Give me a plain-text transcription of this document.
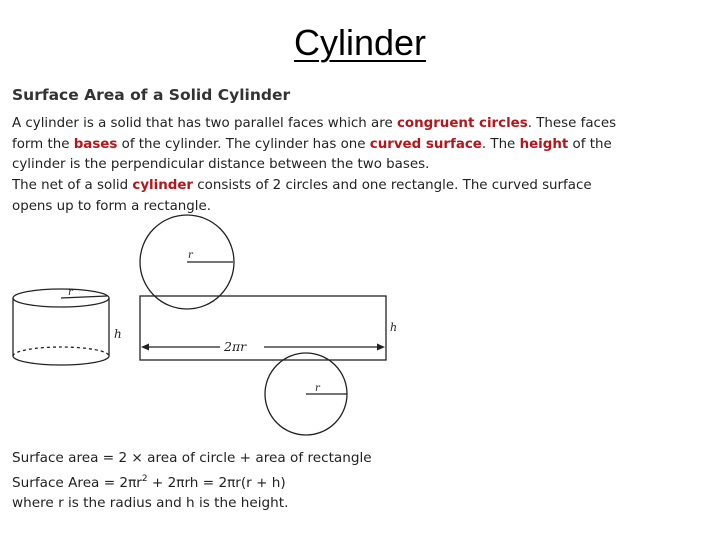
Cylinder
Surface Area of a Solid Cylinder
A cylinder is a solid that has two parallel faces which are congruent circles. These faces
form the bases of the cylinder. The cylinder has one curved surface. The height of the
cylinder is the perpendicular distance between the two bases.
The net of a solid cylinder consists of 2 circles and one rectangle. The curved surface
opens up to form a rectangle.
r
h
r
2πr
h
r
Surface area = 2 × area of circle + area of rectangle
Surface Area = $2\pi r^2 + 2\pi rh = 2\pi r(r + h)$
where r is the radius and h is the height.
